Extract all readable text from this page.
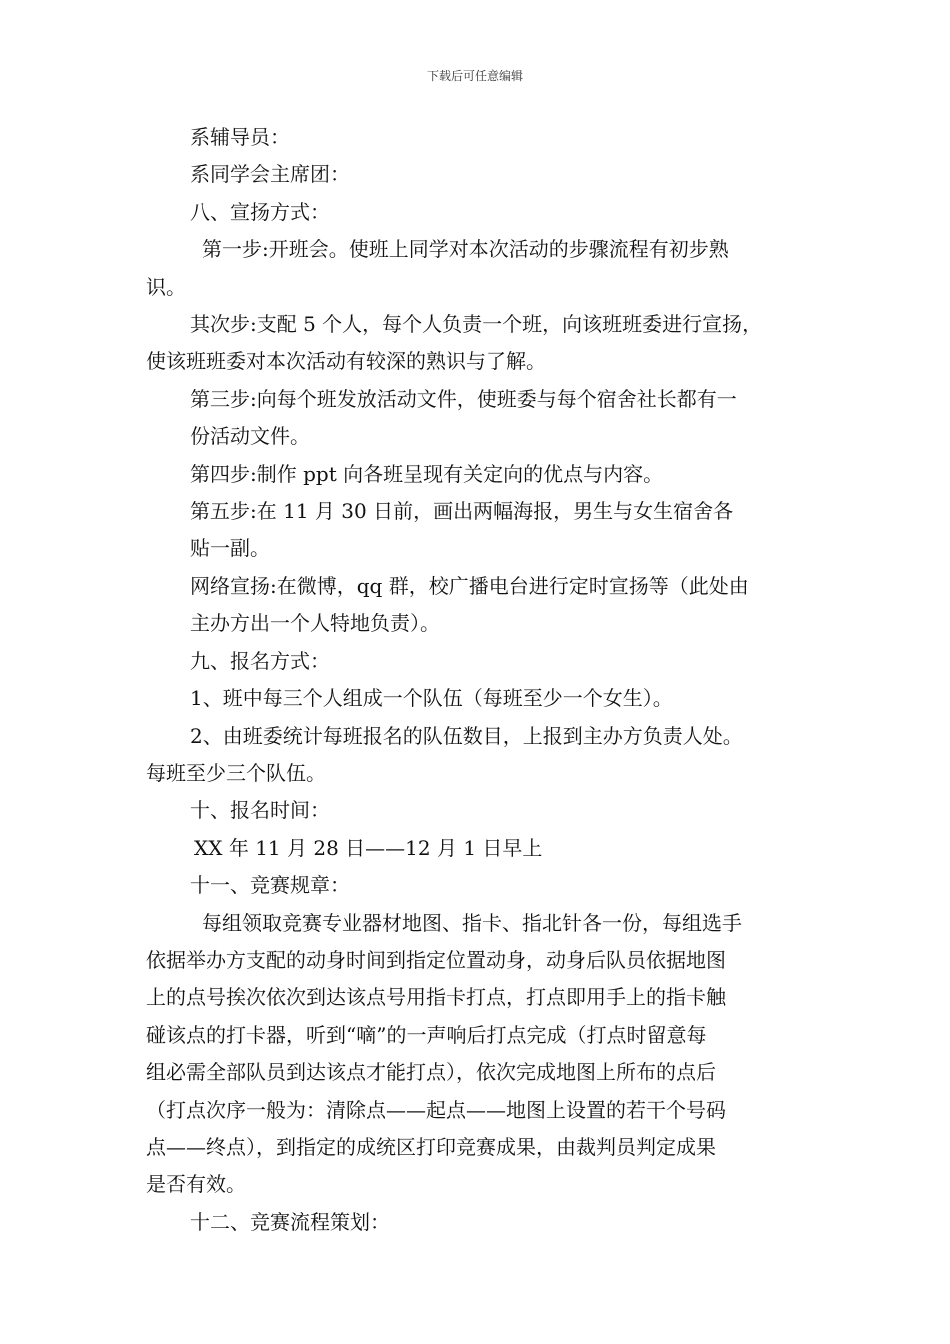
下载后可任意编辑

系辅导员：

系同学会主席团：

八、宣扬方式：

第一步:开班会。使班上同学对本次活动的步骤流程有初步熟

识。

其次步:支配 5 个人，每个人负责一个班，向该班班委进行宣扬，

使该班班委对本次活动有较深的熟识与了解。

第三步:向每个班发放活动文件，使班委与每个宿舍社长都有一

份活动文件。

第四步:制作 ppt 向各班呈现有关定向的优点与内容。

第五步:在 11 月 30 日前，画出两幅海报，男生与女生宿舍各

贴一副。

网络宣扬:在微博，qq 群，校广播电台进行定时宣扬等（此处由

主办方出一个人特地负责）。

九、报名方式：

1、班中每三个人组成一个队伍（每班至少一个女生）。

2、由班委统计每班报名的队伍数目，上报到主办方负责人处。

每班至少三个队伍。

十、报名时间：

XX 年 11 月 28 日——12 月 1 日早上

十一、竞赛规章：

每组领取竞赛专业器材地图、指卡、指北针各一份，每组选手

依据举办方支配的动身时间到指定位置动身，动身后队员依据地图

上的点号挨次依次到达该点号用指卡打点，打点即用手上的指卡触

碰该点的打卡器，听到“嘀”的一声响后打点完成（打点时留意每

组必需全部队员到达该点才能打点），依次完成地图上所布的点后

（打点次序一般为：清除点——起点——地图上设置的若干个号码

点——终点），到指定的成统区打印竞赛成果，由裁判员判定成果

是否有效。

十二、竞赛流程策划：
